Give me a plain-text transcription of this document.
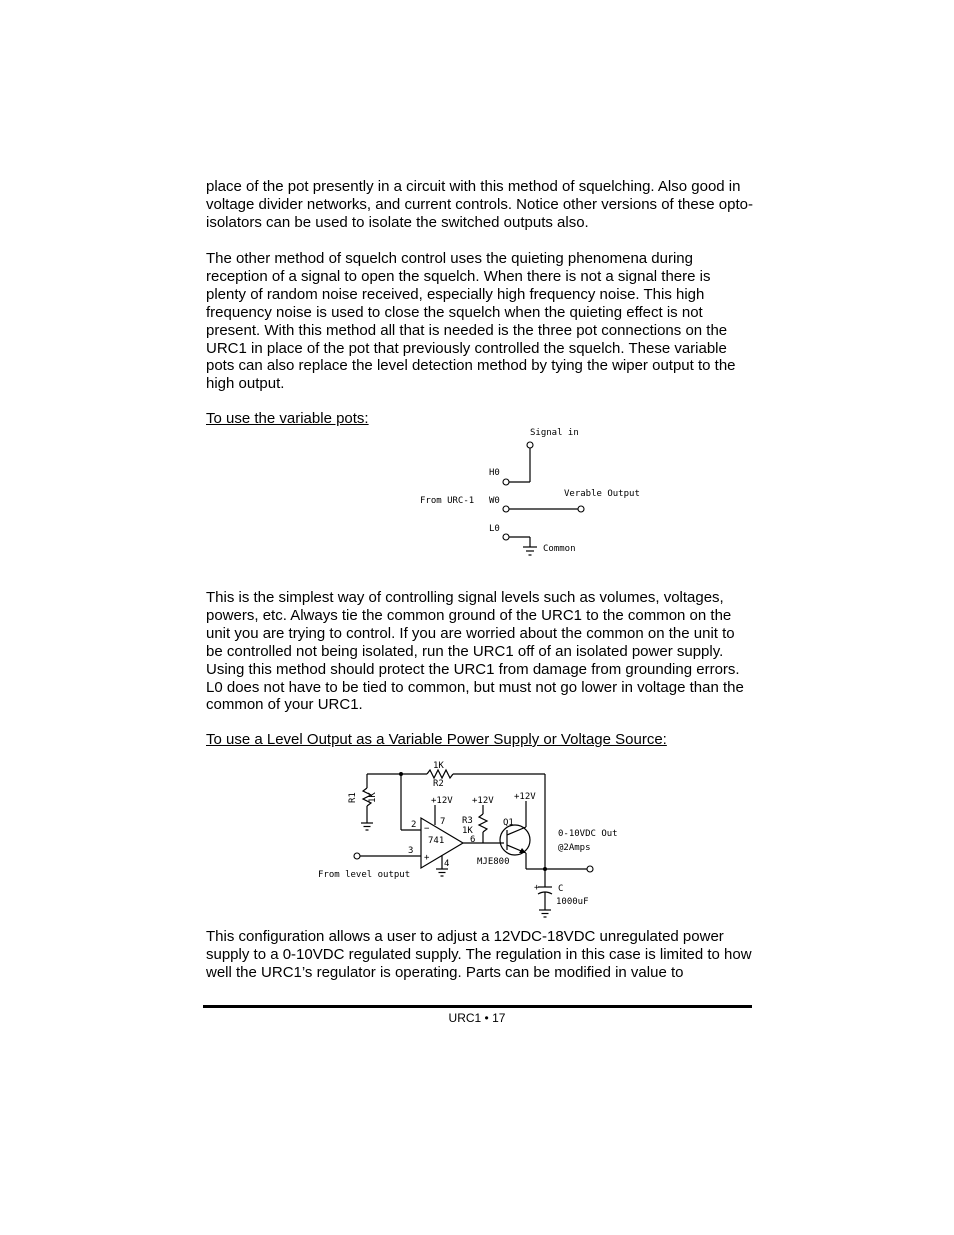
place of the pot presently in a circuit with this method of squelching. Also good in voltage divider networks, and current controls. Notice other versions of these opto-isolators can be used to isolate the switched outputs also.

The other method of squelch control uses the quieting phenomena during reception of a signal to open the squelch. When there is not a signal there is plenty of random noise received, especially high frequency noise. This high frequency noise is used to close the squelch when the quieting effect is not present. With this method all that is needed is the three pot connections on the URC1 in place of the pot that previously controlled the squelch. These variable pots can also replace the level detection method by tying the wiper output to the high output.

To use the variable pots:

Signal in
H0
From URC-1 W0
Verable Output
L0
Common

This is the simplest way of controlling signal levels such as volumes, voltages, powers, etc. Always tie the common ground of the URC1 to the common on the unit you are trying to control. If you are worried about the common on the unit to be controlled not being isolated, run the URC1 off of an isolated power supply. Using this method should protect the URC1 from damage from grounding errors. L0 does not have to be tied to common, but must not go lower in voltage than the common of your URC1.

To use a Level Output as a Variable Power Supply or Voltage Source:

1K
R2
R1 1K
2 −
+
741
+12V
7
4
3
From level output
+12V
R3
1K
6
Q1
MJE800
+12V
0-10VDC Out
@2Amps
+ C
1000uF

This configuration allows a user to adjust a 12VDC-18VDC unregulated power supply to a 0-10VDC regulated supply. The regulation in this case is limited to how well the URC1’s regulator is operating. Parts can be modified in value to

URC1 • 17
